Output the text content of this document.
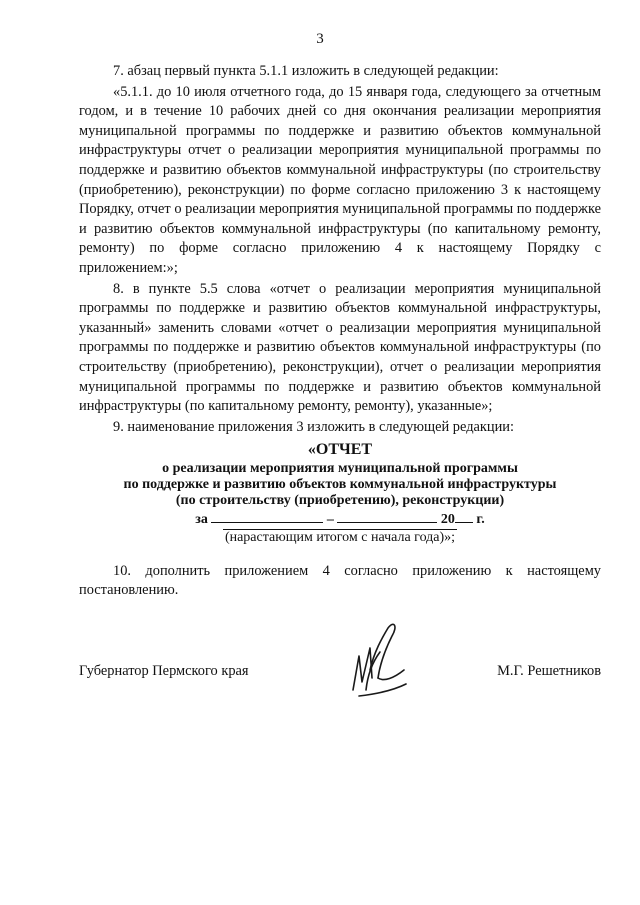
3

7. абзац первый пункта 5.1.1 изложить в следующей редакции:

«5.1.1. до 10 июля отчетного года, до 15 января года, следующего за отчетным годом, и в течение 10 рабочих дней со дня окончания реализации мероприятия муниципальной программы по поддержке и развитию объектов коммунальной инфраструктуры отчет о реализации мероприятия муниципальной программы по поддержке и развитию объектов коммунальной инфраструктуры (по строительству (приобретению), реконструкции) по форме согласно приложению 3 к настоящему Порядку, отчет о реализации мероприятия муниципальной программы по поддержке и развитию объектов коммунальной инфраструктуры (по капитальному ремонту, ремонту) по форме согласно приложению 4 к настоящему Порядку с приложением:»;

8. в пункте 5.5 слова «отчет о реализации мероприятия муниципальной программы по поддержке и развитию объектов коммунальной инфраструктуры, указанный» заменить словами «отчет о реализации мероприятия муниципальной программы по поддержке и развитию объектов коммунальной инфраструктуры (по строительству (приобретению), реконструкции), отчет о реализации мероприятия муниципальной программы по поддержке и развитию объектов коммунальной инфраструктуры (по капитальному ремонту, ремонту), указанные»;

9. наименование приложения 3 изложить в следующей редакции:

«ОТЧЕТ
о реализации мероприятия муниципальной программы
по поддержке и развитию объектов коммунальной инфраструктуры
(по строительству (приобретению), реконструкции)
за	–	20 г.
(нарастающим итогом с начала года)»;

10. дополнить приложением 4 согласно приложению к настоящему постановлению.

Губернатор Пермского края	М.Г. Решетников
